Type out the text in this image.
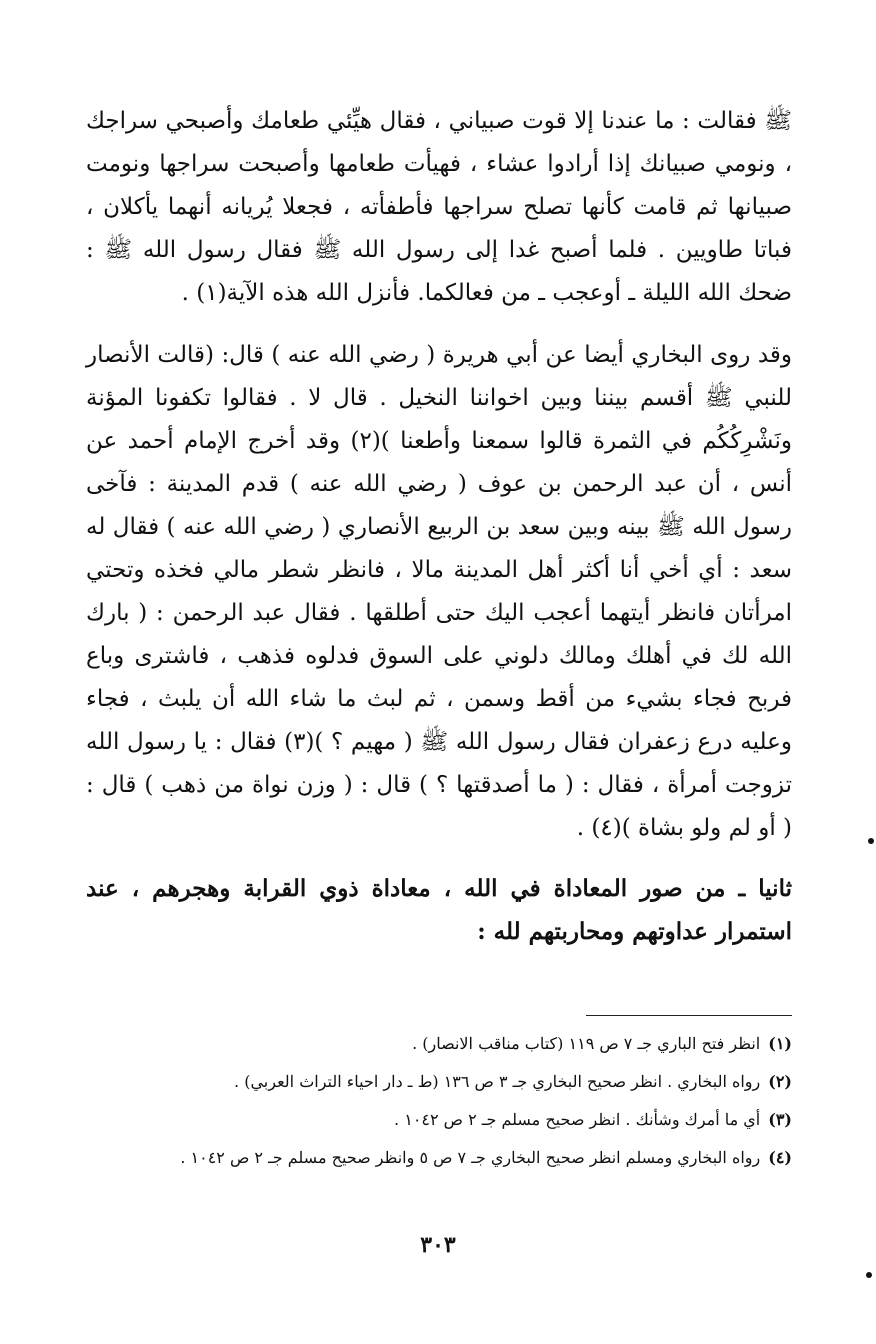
ﷺ فقالت : ما عندنا إلا قوت صبياني ، فقال هيِّئي طعامك وأصبحي سراجك ، ونومي صبيانك إذا أرادوا عشاء ، فهيأت طعامها وأصبحت سراجها ونومت صبيانها ثم قامت كأنها تصلح سراجها فأطفأته ، فجعلا يُريانه أنهما يأكلان ، فباتا طاويين . فلما أصبح غدا إلى رسول الله ﷺ فقال رسول الله ﷺ : ضحك الله الليلة ـ أوعجب ـ من فعالكما. فأنزل الله هذه الآية(١) .

وقد روى البخاري أيضا عن أبي هريرة ( رضي الله عنه ) قال: (قالت الأنصار للنبي ﷺ أقسم بيننا وبين اخواننا النخيل . قال لا . فقالوا تكفونا المؤنة ونَشْرِكُكُم في الثمرة قالوا سمعنا وأطعنا )(٢) وقد أخرج الإمام أحمد عن أنس ، أن عبد الرحمن بن عوف ( رضي الله عنه ) قدم المدينة : فآخى رسول الله ﷺ بينه وبين سعد بن الربيع الأنصاري ( رضي الله عنه ) فقال له سعد : أي أخي أنا أكثر أهل المدينة مالا ، فانظر شطر مالي فخذه وتحتي امرأتان فانظر أيتهما أعجب اليك حتى أطلقها . فقال عبد الرحمن : ( بارك الله لك في أهلك ومالك دلوني على السوق فدلوه فذهب ، فاشترى وباع فربح فجاء بشيء من أقط وسمن ، ثم لبث ما شاء الله أن يلبث ، فجاء وعليه درع زعفران فقال رسول الله ﷺ ( مهيم ؟ )(٣) فقال : يا رسول الله تزوجت أمرأة ، فقال : ( ما أصدقتها ؟ ) قال : ( وزن نواة من ذهب ) قال : ( أو لم ولو بشاة )(٤) .

ثانيا ـ من صور المعاداة في الله ، معاداة ذوي القرابة وهجرهم ، عند استمرار عداوتهم ومحاربتهم لله :

(١)انظر فتح الباري جـ ٧ ص ١١٩ (كتاب مناقب الانصار) .

(٢)رواه البخاري . انظر صحيح البخاري جـ ٣ ص ١٣٦ (ط ـ دار احياء التراث العربي) .

(٣)أي ما أمرك وشأنك . انظر صحيح مسلم جـ ٢ ص ١٠٤٢ .

(٤)رواه البخاري ومسلم انظر صحيح البخاري جـ ٧ ص ٥ وانظر صحيح مسلم جـ ٢ ص ١٠٤٢ .

٣٠٣
